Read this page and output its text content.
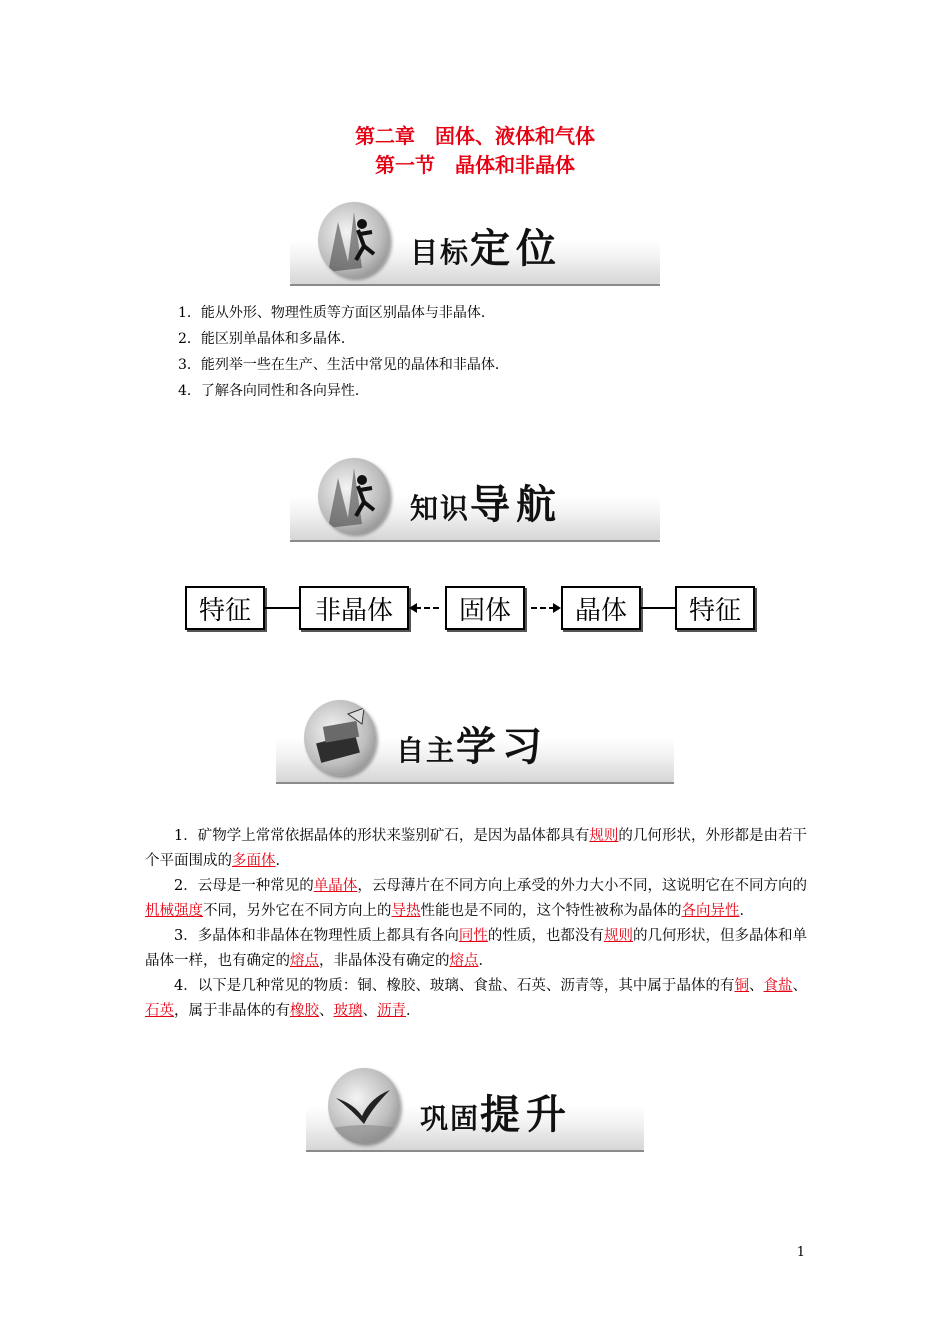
第二章　固体、液体和气体
第一节　晶体和非晶体
目标定位
1．能从外形、物理性质等方面区别晶体与非晶体．
2．能区别单晶体和多晶体．
3．能列举一些在生产、生活中常见的晶体和非晶体．
4．了解各向同性和各向异性．
知识导航
特征	非晶体	固体	晶体	特征
自主学习

1．矿物学上常常依据晶体的形状来鉴别矿石，是因为晶体都具有规则的几何形状，外形都是由若干个平面围成的多面体．

2．云母是一种常见的单晶体，云母薄片在不同方向上承受的外力大小不同，这说明它在不同方向的机械强度不同，另外它在不同方向上的导热性能也是不同的，这个特性被称为晶体的各向异性．

3．多晶体和非晶体在物理性质上都具有各向同性的性质，也都没有规则的几何形状，但多晶体和单晶体一样，也有确定的熔点，非晶体没有确定的熔点．

4．以下是几种常见的物质：铜、橡胶、玻璃、食盐、石英、沥青等，其中属于晶体的有铜、食盐、石英，属于非晶体的有橡胶、玻璃、沥青．

巩固提升
1
